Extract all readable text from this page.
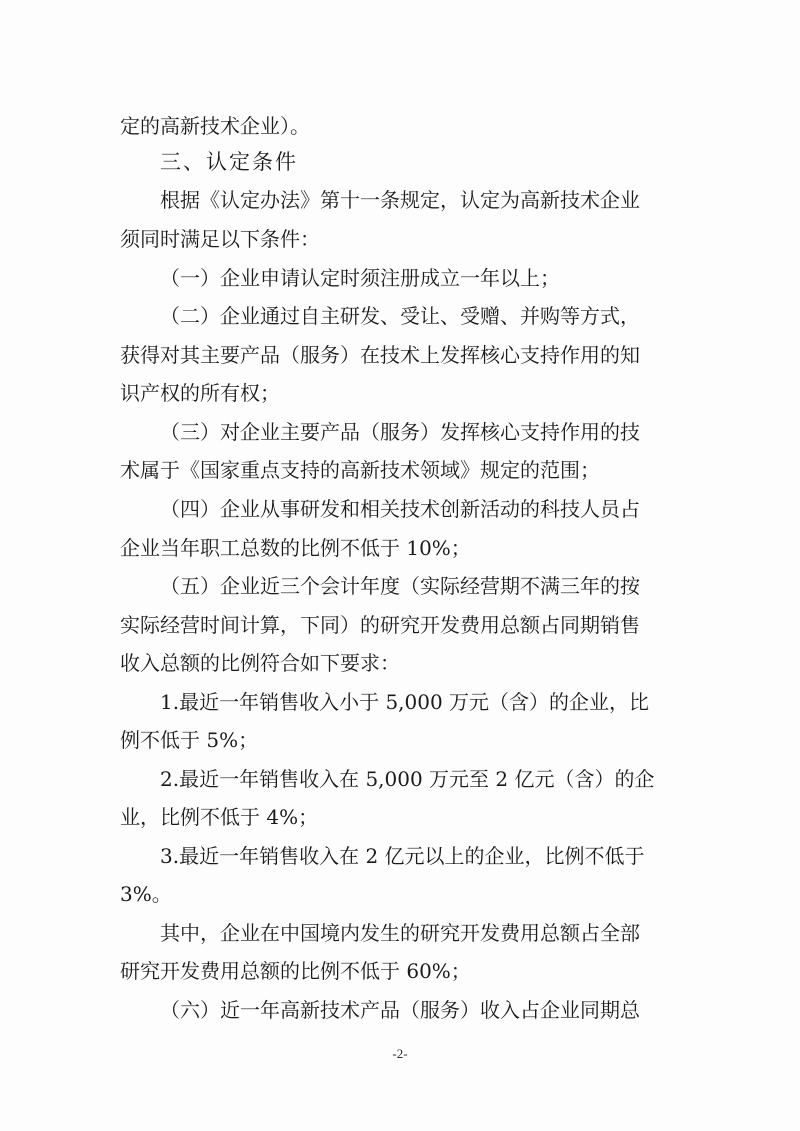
定的高新技术企业）。

三、认定条件

根据《认定办法》第十一条规定，认定为高新技术企业

须同时满足以下条件：

（一）企业申请认定时须注册成立一年以上；

（二）企业通过自主研发、受让、受赠、并购等方式，

获得对其主要产品（服务）在技术上发挥核心支持作用的知

识产权的所有权；

（三）对企业主要产品（服务）发挥核心支持作用的技

术属于《国家重点支持的高新技术领域》规定的范围；

（四）企业从事研发和相关技术创新活动的科技人员占

企业当年职工总数的比例不低于 10%；

（五）企业近三个会计年度（实际经营期不满三年的按

实际经营时间计算，下同）的研究开发费用总额占同期销售

收入总额的比例符合如下要求：

1.最近一年销售收入小于 5,000 万元（含）的企业，比

例不低于 5%；

2.最近一年销售收入在 5,000 万元至 2 亿元（含）的企

业，比例不低于 4%；

3.最近一年销售收入在 2 亿元以上的企业，比例不低于

3%。

其中，企业在中国境内发生的研究开发费用总额占全部

研究开发费用总额的比例不低于 60%；

（六）近一年高新技术产品（服务）收入占企业同期总

-2-
